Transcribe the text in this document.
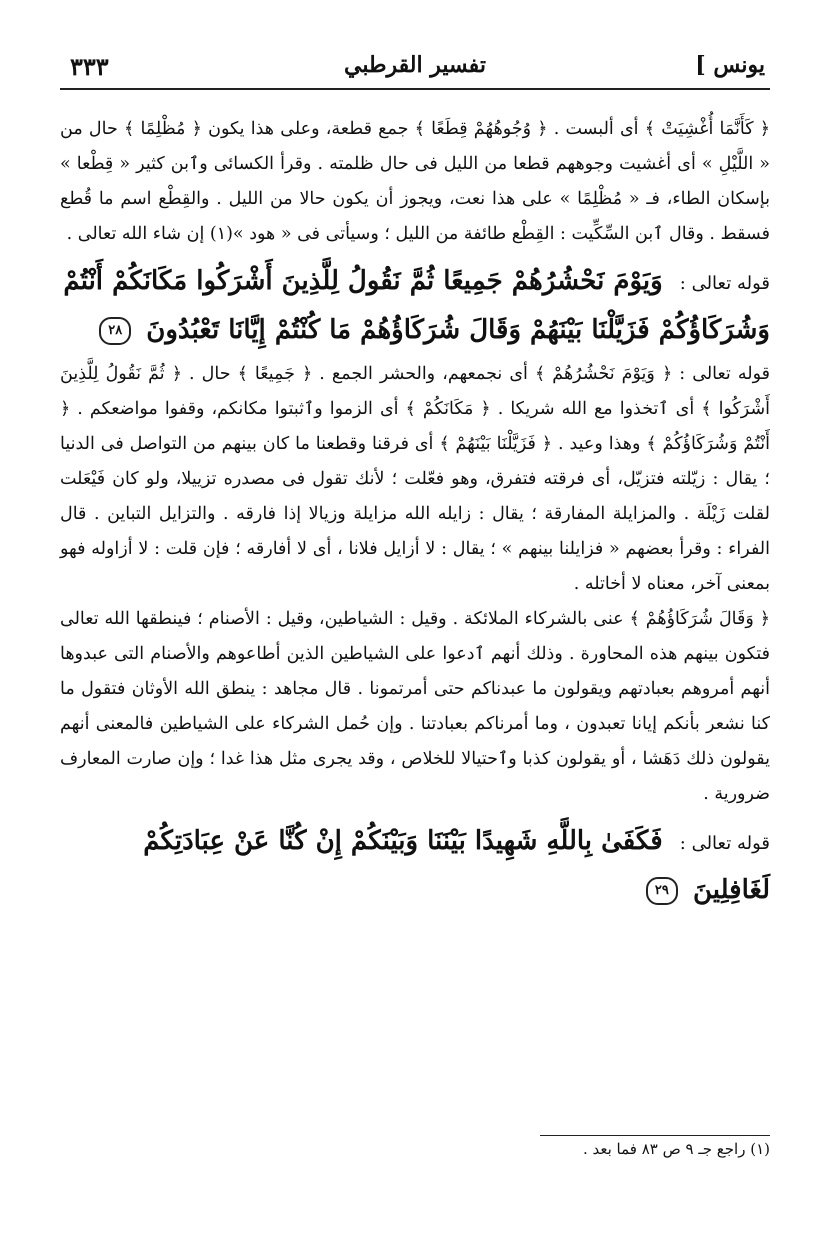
يونس ]
تفسير القرطبي
٣٣٣

﴿ كَأَنَّمَا أُغْشِيَتْ ﴾ أى ألبست . ﴿ وُجُوهُهُمْ قِطَعًا ﴾ جمع قطعة، وعلى هذا يكون ﴿ مُظْلِمًا ﴾ حال من « اللَّيْلِ » أى أغشيت وجوههم قطعا من الليل فى حال ظلمته . وقرأ الكسائى وٱبن كثير « قِطْعا » بإسكان الطاء، فـ « مُظْلِمًا » على هذا نعت، ويجوز أن يكون حالا من الليل . والقِطْع اسم ما قُطع فسقط . وقال ٱبن السِّكِّيت : القِطْع طائفة من الليل ؛ وسيأتى فى « هود »(١) إن شاء الله تعالى .

قوله تعالى : وَيَوْمَ نَحْشُرُهُمْ جَمِيعًا ثُمَّ نَقُولُ لِلَّذِينَ أَشْرَكُوا مَكَانَكُمْ أَنْتُمْ وَشُرَكَاؤُكُمْ فَزَيَّلْنَا بَيْنَهُمْ وَقَالَ شُرَكَاؤُهُمْ مَا كُنْتُمْ إِيَّانَا تَعْبُدُونَ ٢٨

قوله تعالى : ﴿ وَيَوْمَ نَحْشُرُهُمْ ﴾ أى نجمعهم، والحشر الجمع . ﴿ جَمِيعًا ﴾ حال . ﴿ ثُمَّ نَقُولُ لِلَّذِينَ أَشْرَكُوا ﴾ أى ٱتخذوا مع الله شريكا . ﴿ مَكَانَكُمْ ﴾ أى الزموا وٱثبتوا مكانكم، وقفوا مواضعكم . ﴿ أَنْتُمْ وَشُرَكَاؤُكُمْ ﴾ وهذا وعيد . ﴿ فَزَيَّلْنَا بَيْنَهُمْ ﴾ أى فرقنا وقطعنا ما كان بينهم من التواصل فى الدنيا ؛ يقال : زيّلته فتزيّل، أى فرقته فتفرق، وهو فعّلت ؛ لأنك تقول فى مصدره تزييلا، ولو كان فَيْعَلت لقلت زَيْلَة . والمزايلة المفارقة ؛ يقال : زايله الله مزايلة وزيالا إذا فارقه . والتزايل التباين . قال الفراء : وقرأ بعضهم « فزايلنا بينهم » ؛ يقال : لا أزايل فلانا ، أى لا أفارقه ؛ فإن قلت : لا أزاوله فهو بمعنى آخر، معناه لا أخاتله .

﴿ وَقَالَ شُرَكَاؤُهُمْ ﴾ عنى بالشركاء الملائكة . وقيل : الشياطين، وقيل : الأصنام ؛ فينطقها الله تعالى فتكون بينهم هذه المحاورة . وذلك أنهم ٱدعوا على الشياطين الذين أطاعوهم والأصنام التى عبدوها أنهم أمروهم بعبادتهم ويقولون ما عبدناكم حتى أمرتمونا . قال مجاهد : ينطق الله الأوثان فتقول ما كنا نشعر بأنكم إيانا تعبدون ، وما أمرناكم بعبادتنا . وإن حُمل الشركاء على الشياطين فالمعنى أنهم يقولون ذلك دَهَشا ، أو يقولون كذبا وٱحتيالا للخلاص ، وقد يجرى مثل هذا غدا ؛ وإن صارت المعارف ضرورية .

قوله تعالى : فَكَفَىٰ بِاللَّهِ شَهِيدًا بَيْنَنَا وَبَيْنَكُمْ إِنْ كُنَّا عَنْ عِبَادَتِكُمْ لَغَافِلِينَ ٢٩
(١) راجع جـ ٩ ص ٨٣ فما بعد .
